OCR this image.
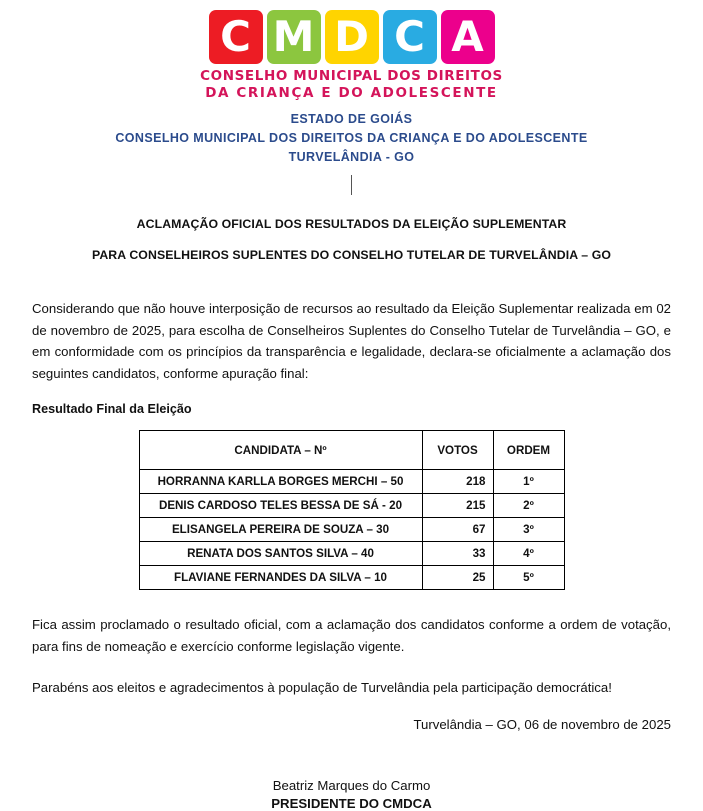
C M D C A
CONSELHO MUNICIPAL DOS DIREITOS
DA CRIANÇA E DO ADOLESCENTE
ESTADO DE GOIÁS
CONSELHO MUNICIPAL DOS DIREITOS DA CRIANÇA E DO ADOLESCENTE
TURVELÂNDIA - GO
ACLAMAÇÃO OFICIAL DOS RESULTADOS DA ELEIÇÃO SUPLEMENTAR
PARA CONSELHEIROS SUPLENTES DO CONSELHO TUTELAR DE TURVELÂNDIA – GO
Considerando que não houve interposição de recursos ao resultado da Eleição Suplementar realizada em 02 de novembro de 2025, para escolha de Conselheiros Suplentes do Conselho Tutelar de Turvelândia – GO, e em conformidade com os princípios da transparência e legalidade, declara-se oficialmente a aclamação dos seguintes candidatos, conforme apuração final:
Resultado Final da Eleição
CANDIDATA – Nº	VOTOS	ORDEM
HORRANNA KARLLA BORGES MERCHI – 50	218	1º
DENIS CARDOSO TELES BESSA DE SÁ - 20	215	2º
ELISANGELA PEREIRA DE SOUZA – 30	67	3º
RENATA DOS SANTOS SILVA – 40	33	4º
FLAVIANE FERNANDES DA SILVA – 10	25	5º
Fica assim proclamado o resultado oficial, com a aclamação dos candidatos conforme a ordem de votação, para fins de nomeação e exercício conforme legislação vigente.
Parabéns aos eleitos e agradecimentos à população de Turvelândia pela participação democrática!
Turvelândia – GO, 06 de novembro de 2025
Beatriz Marques do Carmo
PRESIDENTE DO CMDCA
